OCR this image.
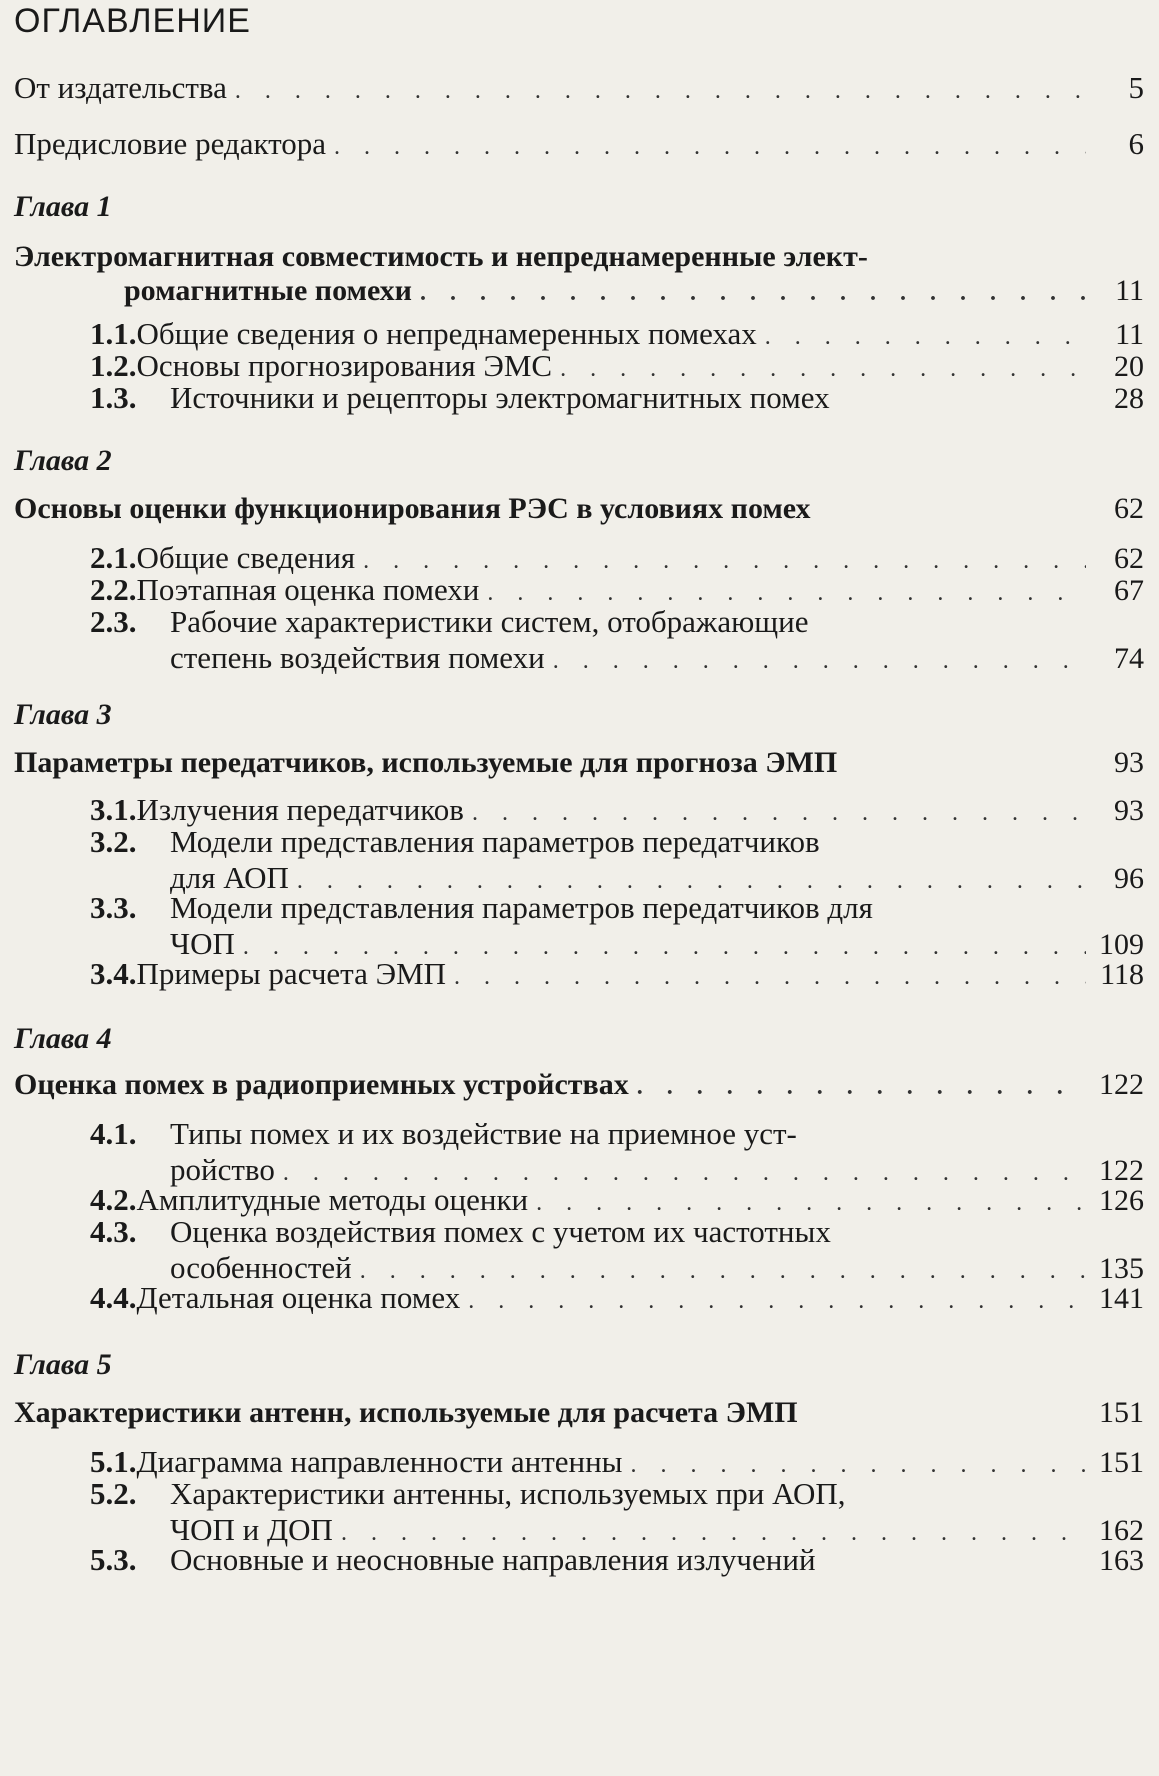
ОГЛАВЛЕНИЕ
От издательства . . .	5
Предисловие редактора . . .	6
Глава 1
Электромагнитная совместимость и непреднамеренные элект-
ромагнитные помехи . . .	11
1.1. Общие сведения о непреднамеренных помехах . . .	11
1.2. Основы прогнозирования ЭМС . . .	20
1.3.	Источники и рецепторы электромагнитных помех	28
Глава 2
Основы оценки функционирования РЭС в условиях помех	62
2.1. Общие сведения . . .	62
2.2. Поэтапная оценка помехи . . .	67
2.3.	Рабочие характеристики систем, отображающие
степень воздействия помехи . . .	74
Глава 3
Параметры передатчиков, используемые для прогноза ЭМП	93
3.1. Излучения передатчиков . . .	93
3.2.	Модели представления параметров передатчиков
для АОП . . .	96
3.3.	Модели представления параметров передатчиков для
ЧОП . . .	109
3.4. Примеры расчета ЭМП . . .	118
Глава 4
Оценка помех в радиоприемных устройствах . . .	122
4.1.	Типы помех и их воздействие на приемное уст-
ройство . . .	122
4.2. Амплитудные методы оценки . . .	126
4.3.	Оценка воздействия помех с учетом их частотных
особенностей . . .	135
4.4. Детальная оценка помех . . .	141
Глава 5
Характеристики антенн, используемые для расчета ЭМП	151
5.1. Диаграмма направленности антенны . . .	151
5.2.	Характеристики антенны, используемых при АОП,
ЧОП и ДОП . . .	162
5.3.	Основные и неосновные направления излучений	163
